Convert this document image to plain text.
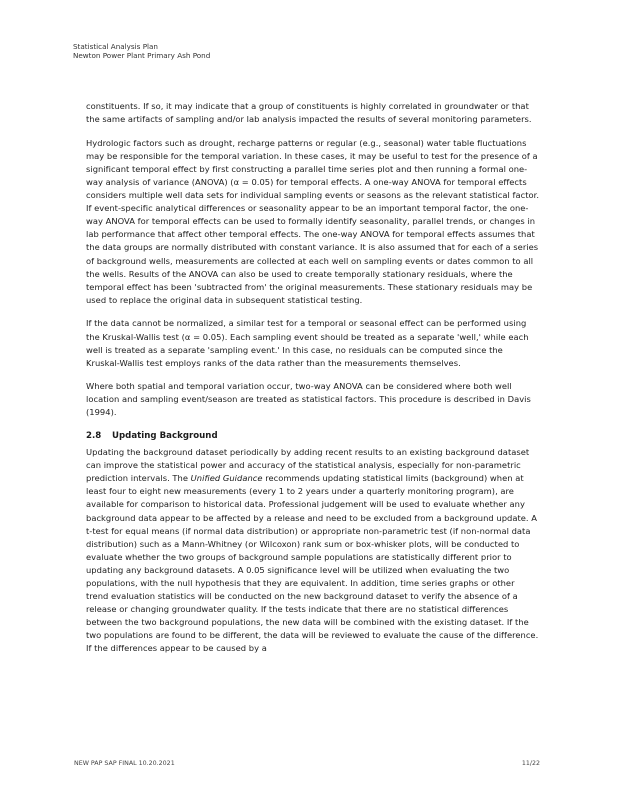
Statistical Analysis Plan
Newton Power Plant Primary Ash Pond

constituents. If so, it may indicate that a group of constituents is highly correlated in groundwater or that the same artifacts of sampling and/or lab analysis impacted the results of several monitoring parameters.

Hydrologic factors such as drought, recharge patterns or regular (e.g., seasonal) water table fluctuations may be responsible for the temporal variation. In these cases, it may be useful to test for the presence of a significant temporal effect by first constructing a parallel time series plot and then running a formal one-way analysis of variance (ANOVA) (α = 0.05) for temporal effects. A one-way ANOVA for temporal effects considers multiple well data sets for individual sampling events or seasons as the relevant statistical factor. If event-specific analytical differences or seasonality appear to be an important temporal factor, the one-way ANOVA for temporal effects can be used to formally identify seasonality, parallel trends, or changes in lab performance that affect other temporal effects. The one-way ANOVA for temporal effects assumes that the data groups are normally distributed with constant variance. It is also assumed that for each of a series of background wells, measurements are collected at each well on sampling events or dates common to all the wells. Results of the ANOVA can also be used to create temporally stationary residuals, where the temporal effect has been 'subtracted from' the original measurements. These stationary residuals may be used to replace the original data in subsequent statistical testing.

If the data cannot be normalized, a similar test for a temporal or seasonal effect can be performed using the Kruskal-Wallis test (α = 0.05). Each sampling event should be treated as a separate 'well,' while each well is treated as a separate 'sampling event.' In this case, no residuals can be computed since the Kruskal-Wallis test employs ranks of the data rather than the measurements themselves.

Where both spatial and temporal variation occur, two-way ANOVA can be considered where both well location and sampling event/season are treated as statistical factors. This procedure is described in Davis (1994).

2.8 Updating Background

Updating the background dataset periodically by adding recent results to an existing background dataset can improve the statistical power and accuracy of the statistical analysis, especially for non-parametric prediction intervals. The Unified Guidance recommends updating statistical limits (background) when at least four to eight new measurements (every 1 to 2 years under a quarterly monitoring program), are available for comparison to historical data. Professional judgement will be used to evaluate whether any background data appear to be affected by a release and need to be excluded from a background update. A t-test for equal means (if normal data distribution) or appropriate non-parametric test (if non-normal data distribution) such as a Mann-Whitney (or Wilcoxon) rank sum or box-whisker plots, will be conducted to evaluate whether the two groups of background sample populations are statistically different prior to updating any background datasets. A 0.05 significance level will be utilized when evaluating the two populations, with the null hypothesis that they are equivalent. In addition, time series graphs or other trend evaluation statistics will be conducted on the new background dataset to verify the absence of a release or changing groundwater quality. If the tests indicate that there are no statistical differences between the two background populations, the new data will be combined with the existing dataset. If the two populations are found to be different, the data will be reviewed to evaluate the cause of the difference. If the differences appear to be caused by a

NEW PAP SAP FINAL 10.20.2021	11/22
